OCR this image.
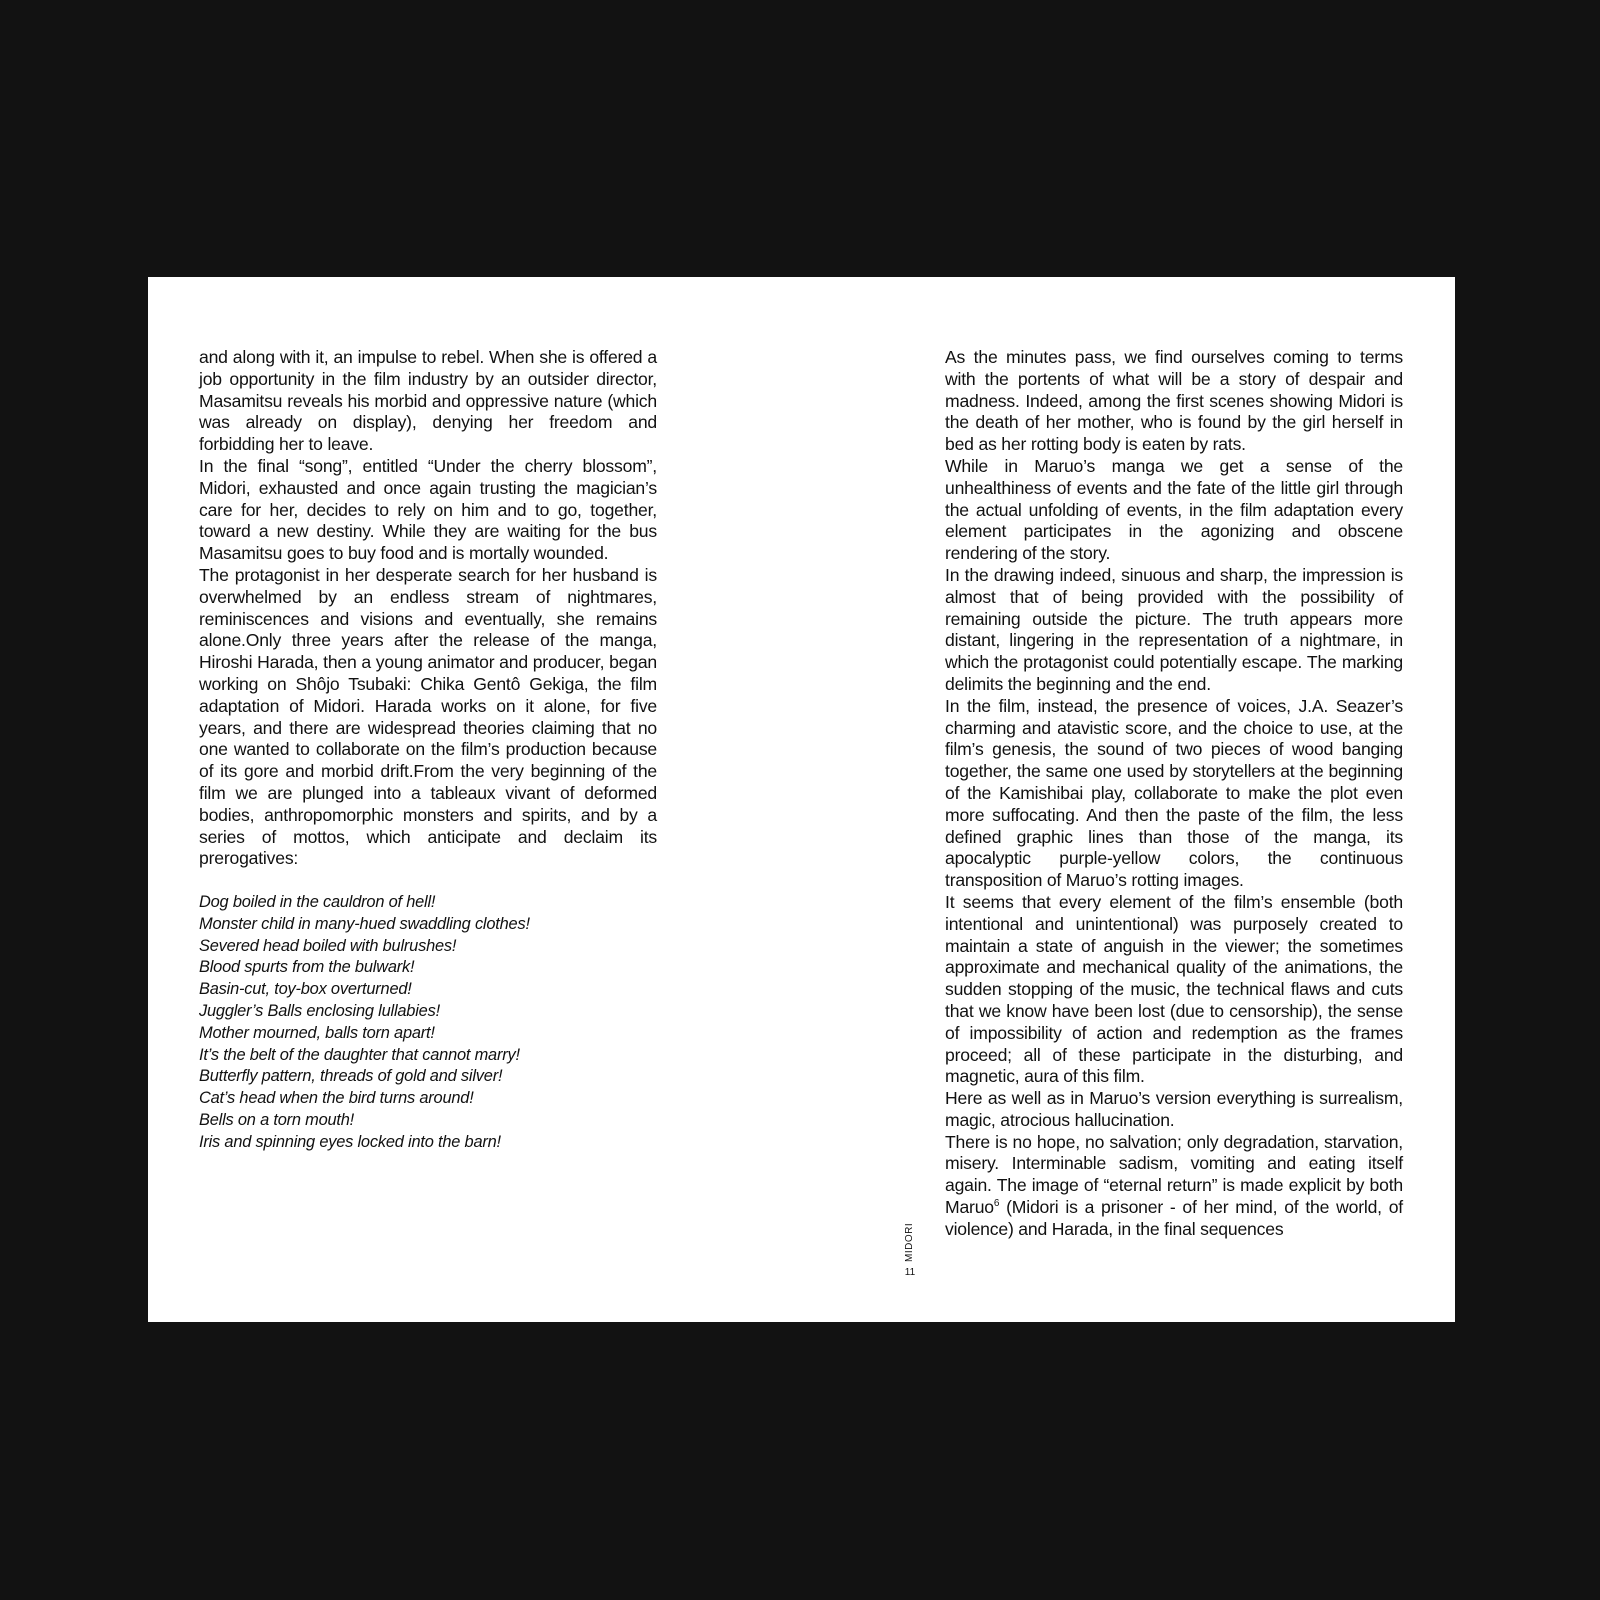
and along with it, an impulse to rebel. When she is offered a job opportunity in the film industry by an outsider director, Masamitsu reveals his morbid and oppressive nature (which was already on display), denying her freedom and forbidding her to leave.

In the final “song”, entitled “Under the cherry blossom”, Midori, exhausted and once again trusting the magician’s care for her, decides to rely on him and to go, together, toward a new destiny. While they are waiting for the bus Masamitsu goes to buy food and is mortally wounded.

The protagonist in her desperate search for her husband is overwhelmed by an endless stream of nightmares, reminiscences and visions and eventually, she remains alone.Only three years after the release of the manga, Hiroshi Harada, then a young animator and producer, began working on Shôjo Tsubaki: Chika Gentô Gekiga, the film adaptation of Midori. Harada works on it alone, for five years, and there are widespread theories claiming that no one wanted to collaborate on the film’s production because of its gore and morbid drift.From the very beginning of the film we are plunged into a tableaux vivant of deformed bodies, anthropomorphic monsters and spirits, and by a series of mottos, which anticipate and declaim its prerogatives:

Dog boiled in the cauldron of hell!
Monster child in many-hued swaddling clothes!
Severed head boiled with bulrushes!
Blood spurts from the bulwark!
Basin-cut, toy-box overturned!
Juggler’s Balls enclosing lullabies!
Mother mourned, balls torn apart!
It’s the belt of the daughter that cannot marry!
Butterfly pattern, threads of gold and silver!
Cat’s head when the bird turns around!
Bells on a torn mouth!
Iris and spinning eyes locked into the barn!
MIDORI
11

As the minutes pass, we find ourselves coming to terms with the portents of what will be a story of despair and madness. Indeed, among the first scenes showing Midori is the death of her mother, who is found by the girl herself in bed as her rotting body is eaten by rats.

While in Maruo’s manga we get a sense of the unhealthiness of events and the fate of the little girl through the actual unfolding of events, in the film adaptation every element participates in the agonizing and obscene rendering of the story.

In the drawing indeed, sinuous and sharp, the impression is almost that of being provided with the possibility of remaining outside the picture. The truth appears more distant, lingering in the representation of a nightmare, in which the protagonist could potentially escape. The marking delimits the beginning and the end.

In the film, instead, the presence of voices, J.A. Seazer’s charming and atavistic score, and the choice to use, at the film’s genesis, the sound of two pieces of wood banging together, the same one used by storytellers at the beginning of the Kamishibai play, collaborate to make the plot even more suffocating. And then the paste of the film, the less defined graphic lines than those of the manga, its apocalyptic purple-yellow colors, the continuous transposition of Maruo’s rotting images.

It seems that every element of the film’s ensemble (both intentional and unintentional) was purposely created to maintain a state of anguish in the viewer; the sometimes approximate and mechanical quality of the animations, the sudden stopping of the music, the technical flaws and cuts that we know have been lost (due to censorship), the sense of impossibility of action and redemption as the frames proceed; all of these participate in the disturbing, and magnetic, aura of this film.

Here as well as in Maruo’s version everything is surrealism, magic, atrocious hallucination.

There is no hope, no salvation; only degradation, starvation, misery. Interminable sadism, vomiting and eating itself again. The image of “eternal return” is made explicit by both Maruo$^6$ (Midori is a prisoner - of her mind, of the world, of violence) and Harada, in the final sequences
